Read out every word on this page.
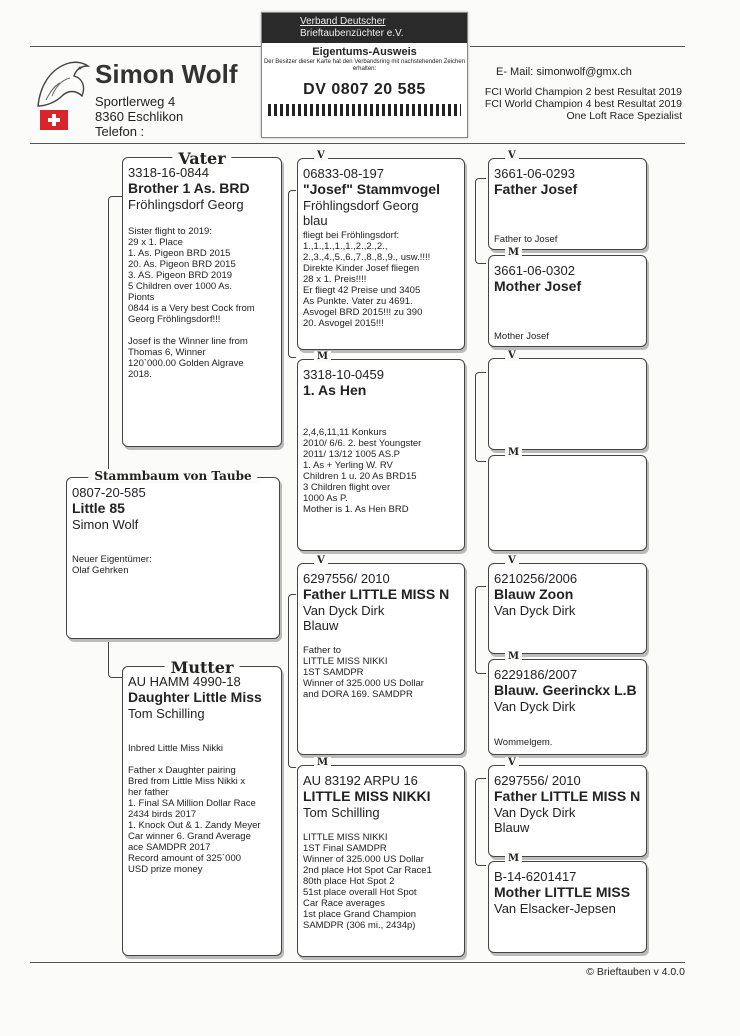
Simon Wolf
Sportlerweg 4
8360 Eschlikon
Telefon :
E- Mail: simonwolf@gmx.ch
FCI World Champion 2 best Resultat 2019
FCI World Champion 4 best Resultat 2019
One Loft Race Spezialist
Verband Deutscher
Brieftaubenzüchter e.V.
Eigentums-Ausweis
Der Besitzer dieser Karte hat den Verbandsring mit nachstehenden Zeichen erhalten:
DV 0807 20 585
Stammbaum von Taube
0807-20-585
Little 85
Simon Wolf
Neuer Eigentümer:
Olaf Gehrken
Vater
3318-16-0844
Brother 1 As. BRD
Fröhlingsdorf Georg
Sister flight to 2019:
29 x 1. Place
1. As. Pigeon BRD 2015
20. As. Pigeon BRD 2015
3. AS. Pigeon BRD 2019
5 Children over 1000 As.
Pionts
0844 is a Very best Cock from
Georg Fröhlingsdorf!!!

Josef is the Winner line from
Thomas 6, Winner
120`000.00 Golden Algrave
2018.
Mutter
AU HAMM 4990-18
Daughter Little Miss
Tom Schilling
Inbred Little Miss Nikki

Father x Daughter pairing
Bred from Little Miss Nikki x
her father
1. Final SA Million Dollar Race
2434 birds 2017
1. Knock Out & 1. Zandy Meyer
Car winner 6. Grand Average
ace SAMDPR 2017
Record amount of 325`000
USD prize money
V
06833-08-197
"Josef" Stammvogel
Fröhlingsdorf Georg
blau
fliegt bei Fröhlingsdorf:
1.,1.,1.,1.,1.,2.,2.,2.,
2.,3.,4.,5.,6.,7.,8.,8.,9., usw.!!!!
Direkte Kinder Josef fliegen
28 x 1. Preis!!!!
Er fliegt 42 Preise und 3405
As Punkte. Vater zu 4691.
Asvogel BRD 2015!!! zu 390
20. Asvogel 2015!!!
M
3318-10-0459
1. As Hen
2,4,6,11,11 Konkurs
2010/ 6/6. 2. best Youngster
2011/ 13/12 1005 AS.P
1. As + Yerling W. RV
Children 1 u. 20 As BRD15
3 Children flight over
1000 As P.
Mother is 1. As Hen BRD
V
6297556/ 2010
Father LITTLE MISS N
Van Dyck Dirk
Blauw
Father to
LITTLE MISS NIKKI
1ST SAMDPR
Winner of 325.000 US Dollar
and DORA 169. SAMDPR
M
AU 83192 ARPU 16
LITTLE MISS NIKKI
Tom Schilling
LITTLE MISS NIKKI
1ST Final SAMDPR
Winner of 325.000 US Dollar
2nd place Hot Spot Car Race1
80th place Hot Spot 2
51st place overall Hot Spot
Car Race averages
1st place Grand Champion
SAMDPR (306 mi., 2434p)
V
3661-06-0293
Father Josef
Father to Josef
M
3661-06-0302
Mother Josef
Mother Josef
V
M
V
6210256/2006
Blauw Zoon
Van Dyck Dirk
M
6229186/2007
Blauw. Geerinckx L.B
Van Dyck Dirk
Wommelgem.
V
6297556/ 2010
Father LITTLE MISS N
Van Dyck Dirk
Blauw
M
B-14-6201417
Mother LITTLE MISS
Van Elsacker-Jepsen
© Brieftauben v 4.0.0
